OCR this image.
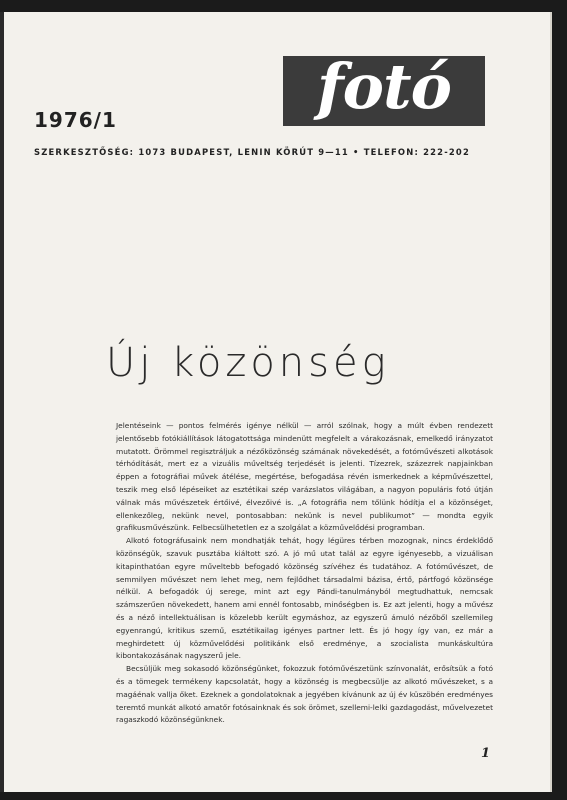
fotó
1976/1
SZERKESZTŐSÉG: 1073 BUDAPEST, LENIN KÖRÚT 9—11 • TELEFON: 222-202
Új közönség

Jelentéseink — pontos felmérés igénye nélkül — arról szólnak, hogy a múlt évben rendezett jelentősebb fotókiállítások látogatottsága mindenütt megfelelt a várakozásnak, emelkedő irányzatot mutatott. Örömmel regisztráljuk a nézőközönség számának növekedését, a fotóművészeti alkotások térhódítását, mert ez a vizuális műveltség terjedését is jelenti. Tízezrek, százezrek napjainkban éppen a fotográfiai művek átélése, megértése, befogadása révén ismerkednek a képművészettel, teszik meg első lépéseiket az esztétikai szép varázslatos világában, a nagyon populáris fotó útján válnak más művészetek értőivé, élvezőivé is. „A fotográfia nem tőlünk hódítja el a közönséget, ellenkezőleg, nekünk nevel, pontosabban: nekünk is nevel publikumot” — mondta egyik grafikusművészünk. Felbecsülhetetlen ez a szolgálat a közművelődési programban.

Alkotó fotográfusaink nem mondhatják tehát, hogy légüres térben mozognak, nincs érdeklődő közönségük, szavuk pusztába kiáltott szó. A jó mű utat talál az egyre igényesebb, a vizuálisan kitapinthatóan egyre műveltebb befogadó közönség szívéhez és tudatához. A fotóművészet, de semmilyen művészet nem lehet meg, nem fejlődhet társadalmi bázisa, értő, pártfogó közönsége nélkül. A befogadók új serege, mint azt egy Pándi-tanulmányból megtudhattuk, nemcsak számszerűen növekedett, hanem ami ennél fontosabb, minőségben is. Ez azt jelenti, hogy a művész és a néző intellektuálisan is közelebb került egymáshoz, az egyszerű ámuló nézőből szellemileg egyenrangú, kritikus szemű, esztétikailag igényes partner lett. És jó hogy így van, ez már a meghirdetett új közművelődési politikánk első eredménye, a szocialista munkáskultúra kibontakozásának nagyszerű jele.

Becsüljük meg sokasodó közönségünket, fokozzuk fotóművészetünk színvonalát, erősítsük a fotó és a tömegek termékeny kapcsolatát, hogy a közönség is megbecsülje az alkotó művészeket, s a magáénak vallja őket. Ezeknek a gondolatoknak a jegyében kívánunk az új év küszöbén eredményes teremtő munkát alkotó amatőr fotósainknak és sok örömet, szellemi-lelki gazdagodást, művelvezetet ragaszkodó közönségünknek.

1
